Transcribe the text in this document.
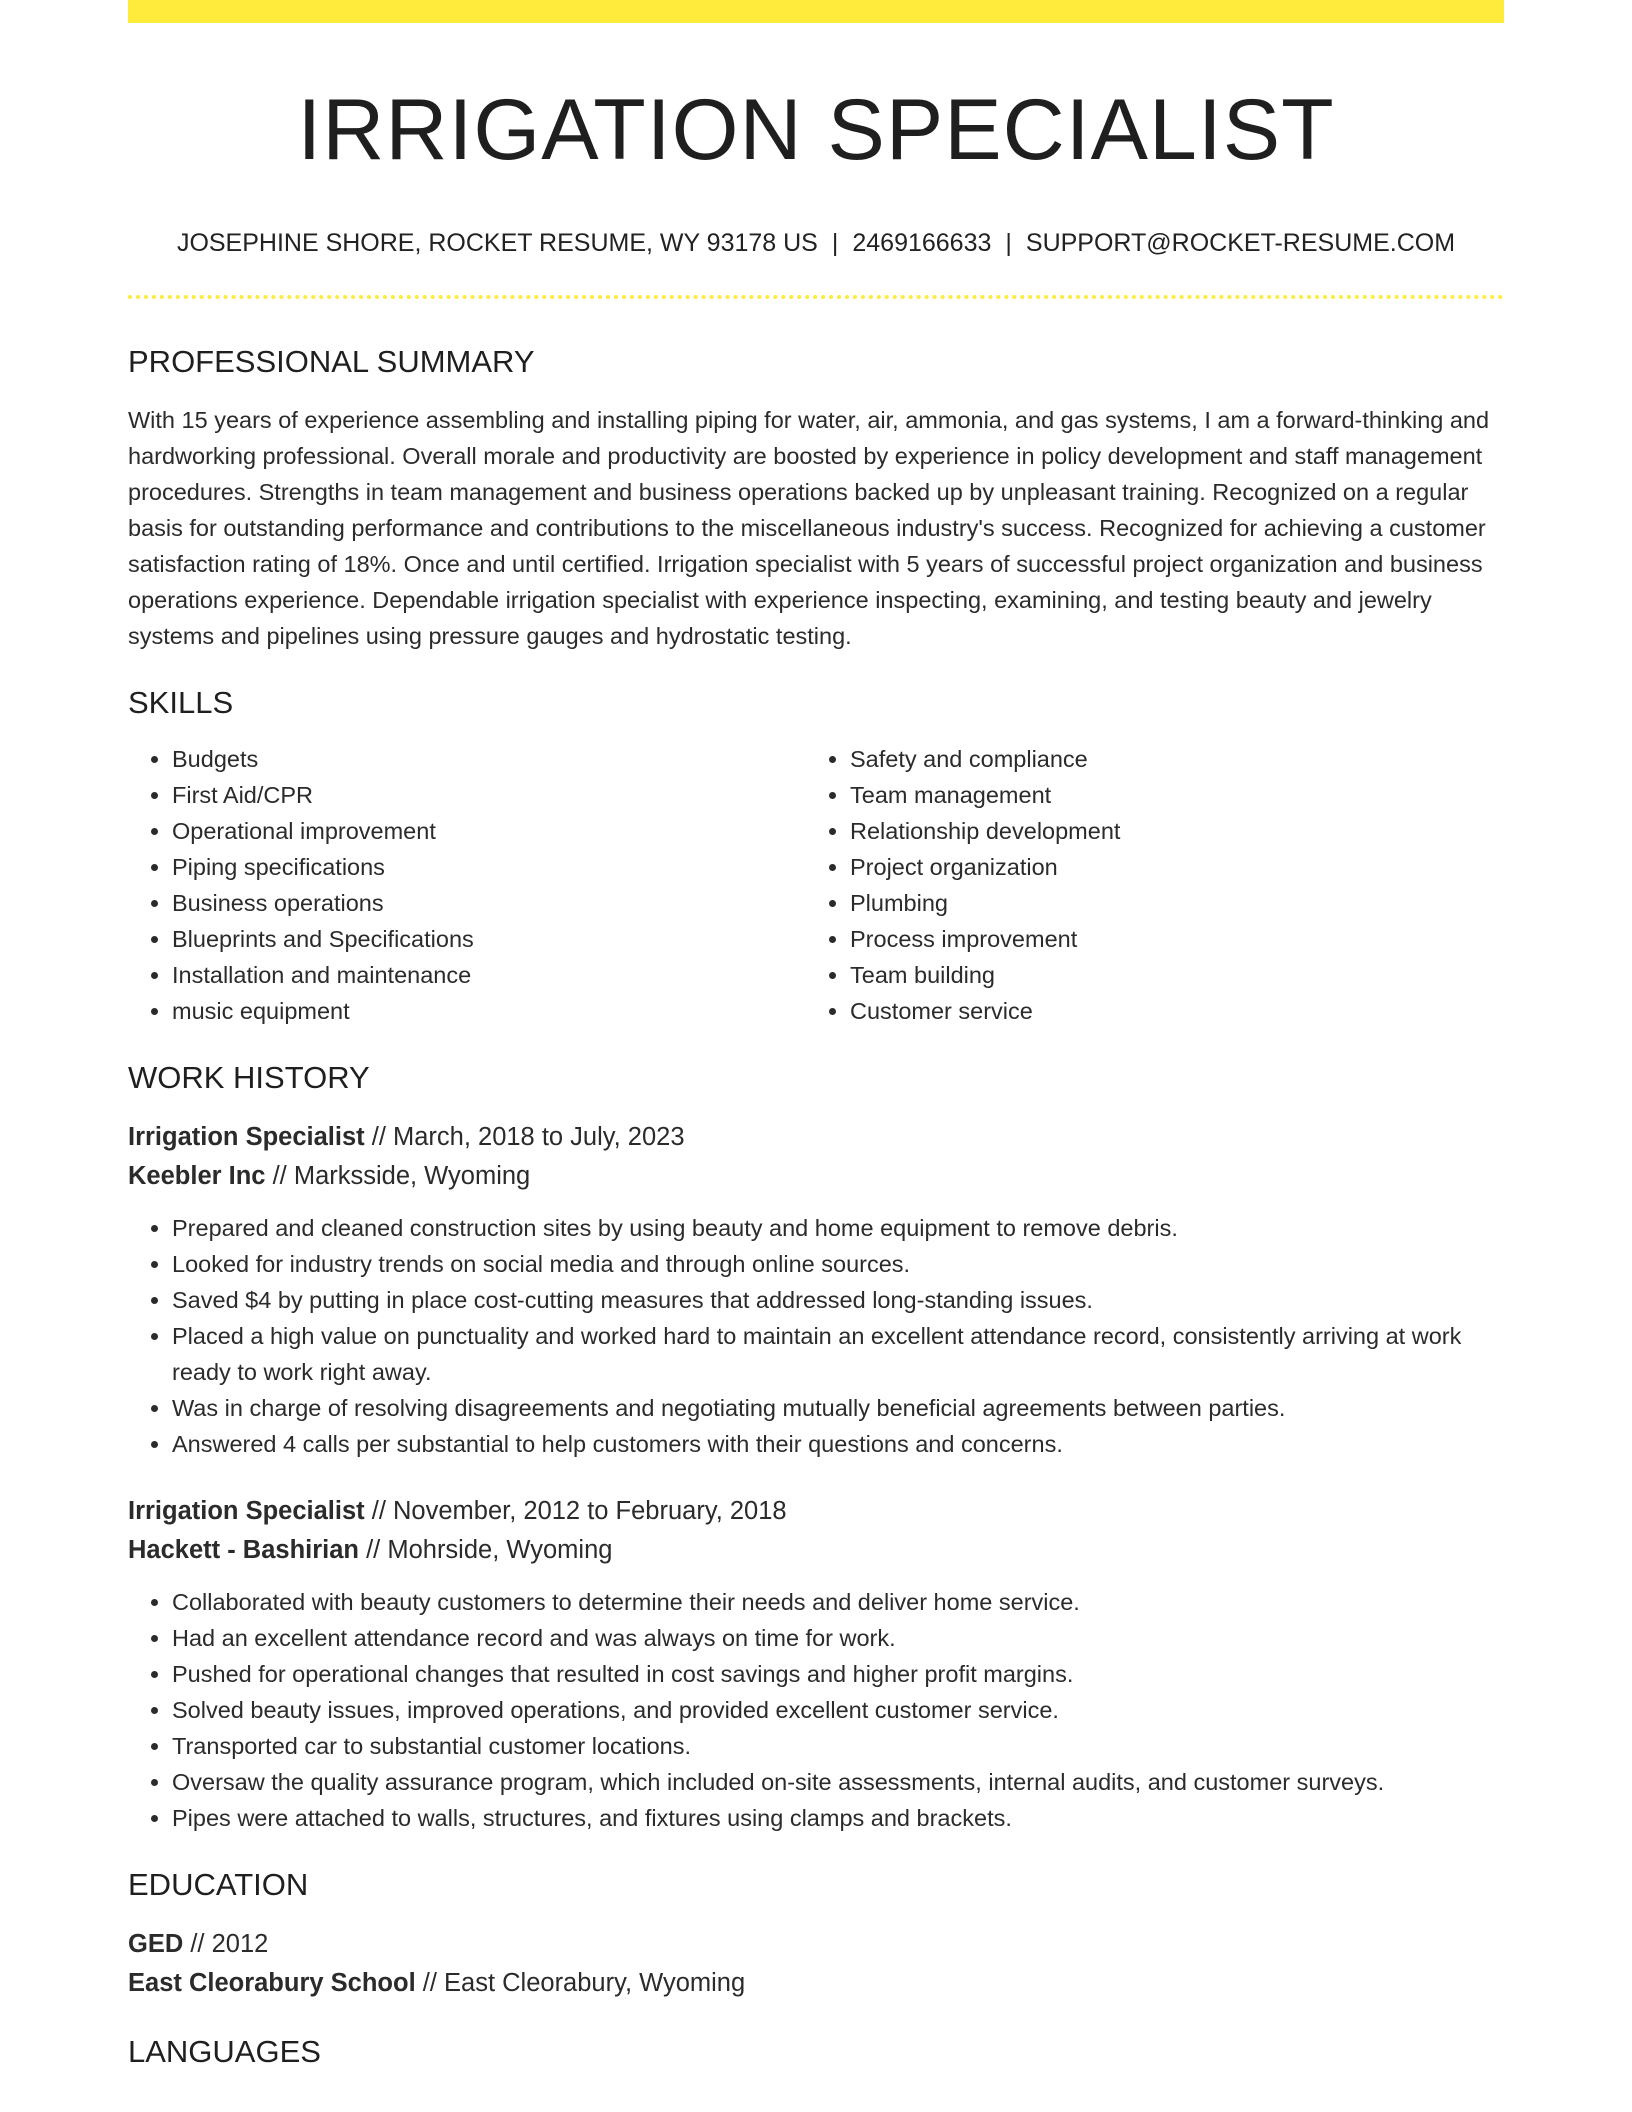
IRRIGATION SPECIALIST
JOSEPHINE SHORE, ROCKET RESUME, WY 93178 US | 2469166633 | SUPPORT@ROCKET-RESUME.COM
PROFESSIONAL SUMMARY

With 15 years of experience assembling and installing piping for water, air, ammonia, and gas systems, I am a forward-thinking and hardworking professional. Overall morale and productivity are boosted by experience in policy development and staff management procedures. Strengths in team management and business operations backed up by unpleasant training. Recognized on a regular basis for outstanding performance and contributions to the miscellaneous industry's success. Recognized for achieving a customer satisfaction rating of 18%. Once and until certified. Irrigation specialist with 5 years of successful project organization and business operations experience. Dependable irrigation specialist with experience inspecting, examining, and testing beauty and jewelry systems and pipelines using pressure gauges and hydrostatic testing.

SKILLS
• Budgets
• First Aid/CPR
• Operational improvement
• Piping specifications
• Business operations
• Blueprints and Specifications
• Installation and maintenance
• music equipment
• Safety and compliance
• Team management
• Relationship development
• Project organization
• Plumbing
• Process improvement
• Team building
• Customer service
WORK HISTORY
Irrigation Specialist // March, 2018 to July, 2023
Keebler Inc // Marksside, Wyoming
• Prepared and cleaned construction sites by using beauty and home equipment to remove debris.
• Looked for industry trends on social media and through online sources.
• Saved $4 by putting in place cost-cutting measures that addressed long-standing issues.
• Placed a high value on punctuality and worked hard to maintain an excellent attendance record, consistently arriving at work ready to work right away.
• Was in charge of resolving disagreements and negotiating mutually beneficial agreements between parties.
• Answered 4 calls per substantial to help customers with their questions and concerns.
Irrigation Specialist // November, 2012 to February, 2018
Hackett - Bashirian // Mohrside, Wyoming
• Collaborated with beauty customers to determine their needs and deliver home service.
• Had an excellent attendance record and was always on time for work.
• Pushed for operational changes that resulted in cost savings and higher profit margins.
• Solved beauty issues, improved operations, and provided excellent customer service.
• Transported car to substantial customer locations.
• Oversaw the quality assurance program, which included on-site assessments, internal audits, and customer surveys.
• Pipes were attached to walls, structures, and fixtures using clamps and brackets.
EDUCATION
GED // 2012
East Cleorabury School // East Cleorabury, Wyoming
LANGUAGES
